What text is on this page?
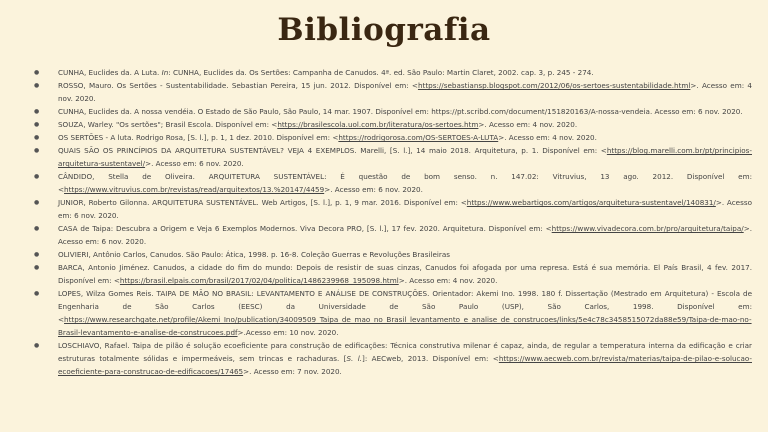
Bibliografia
● CUNHA, Euclides da. A Luta. In: CUNHA, Euclides da. Os Sertões: Campanha de Canudos. 4ª. ed. São Paulo: Martin Claret, 2002. cap. 3, p. 245 - 274.
● ROSSO, Mauro. Os Sertões - Sustentabilidade. Sebastian Pereira, 15 jun. 2012. Disponível em: <https://sebastiansp.blogspot.com/2012/06/os-sertoes-sustentabilidade.html>. Acesso em: 4 nov. 2020.
● CUNHA, Euclides da. A nossa vendéia. O Estado de São Paulo, São Paulo, 14 mar. 1907. Disponível em: https://pt.scribd.com/document/151820163/A-nossa-vendeia. Acesso em: 6 nov. 2020.
● SOUZA, Warley. "Os sertões"; Brasil Escola. Disponível em: <https://brasilescola.uol.com.br/literatura/os-sertoes.htm>. Acesso em: 4 nov. 2020.
● OS SERTÕES - A luta. Rodrigo Rosa, [S. l.], p. 1, 1 dez. 2010. Disponível em: <https://rodrigorosa.com/OS-SERTOES-A-LUTA>. Acesso em: 4 nov. 2020.
● QUAIS SÃO OS PRINCÍPIOS DA ARQUITETURA SUSTENTÁVEL? VEJA 4 EXEMPLOS. Marelli, [S. l.], 14 maio 2018. Arquitetura, p. 1. Disponível em: <https://blog.marelli.com.br/pt/principios-arquitetura-sustentavel/>. Acesso em: 6 nov. 2020.
● CÂNDIDO, Stella de Oliveira. ARQUITETURA SUSTENTÁVEL: É questão de bom senso. n. 147.02: Vitruvius, 13 ago. 2012. Disponível em: <https://www.vitruvius.com.br/revistas/read/arquitextos/13.%20147/4459>. Acesso em: 6 nov. 2020.
● JUNIOR, Roberto Gilonna. ARQUITETURA SUSTENTÁVEL. Web Artigos, [S. l.], p. 1, 9 mar. 2016. Disponível em: <https://www.webartigos.com/artigos/arquitetura-sustentavel/140831/>. Acesso em: 6 nov. 2020.
● CASA de Taipa: Descubra a Origem e Veja 6 Exemplos Modernos. Viva Decora PRO, [S. l.], 17 fev. 2020. Arquitetura. Disponível em: <https://www.vivadecora.com.br/pro/arquitetura/taipa/>. Acesso em: 6 nov. 2020.
● OLIVIERI, Antônio Carlos, Canudos. São Paulo: Ática, 1998. p. 16-8. Coleção Guerras e Revoluções Brasileiras
● BARCA, Antonio Jiménez. Canudos, a cidade do fim do mundo: Depois de resistir de suas cinzas, Canudos foi afogada por uma represa. Está é sua memória. El País Brasil, 4 fev. 2017. Disponível em: <https://brasil.elpais.com/brasil/2017/02/04/politica/1486239968_195098.html>. Acesso em: 4 nov. 2020.
● LOPES, Wilza Gomes Reis. TAIPA DE MÃO NO BRASIL: LEVANTAMENTO E ANÁLISE DE CONSTRUÇÕES. Orientador: Akemi Ino. 1998. 180 f. Dissertação (Mestrado em Arquitetura) - Escola de Engenharia de São Carlos (EESC) da Universidade de São Paulo (USP), São Carlos, 1998. Disponível em: <https://www.researchgate.net/profile/Akemi_Ino/publication/34009509_Taipa_de_mao_no_Brasil_levantamento_e_analise_de_construcoes/links/5e4c78c3458515072da88e59/Taipa-de-mao-no-Brasil-levantamento-e-analise-de-construcoes.pdf>.Acesso em: 10 nov. 2020.
● LOSCHIAVO, Rafael. Taipa de pilão é solução ecoeficiente para construção de edificações: Técnica construtiva milenar é capaz, ainda, de regular a temperatura interna da edificação e criar estruturas totalmente sólidas e impermeáveis, sem trincas e rachaduras. [S. l.]: AECweb, 2013. Disponível em: <https://www.aecweb.com.br/revista/materias/taipa-de-pilao-e-solucao-ecoeficiente-para-construcao-de-edificacoes/17465>. Acesso em: 7 nov. 2020.
